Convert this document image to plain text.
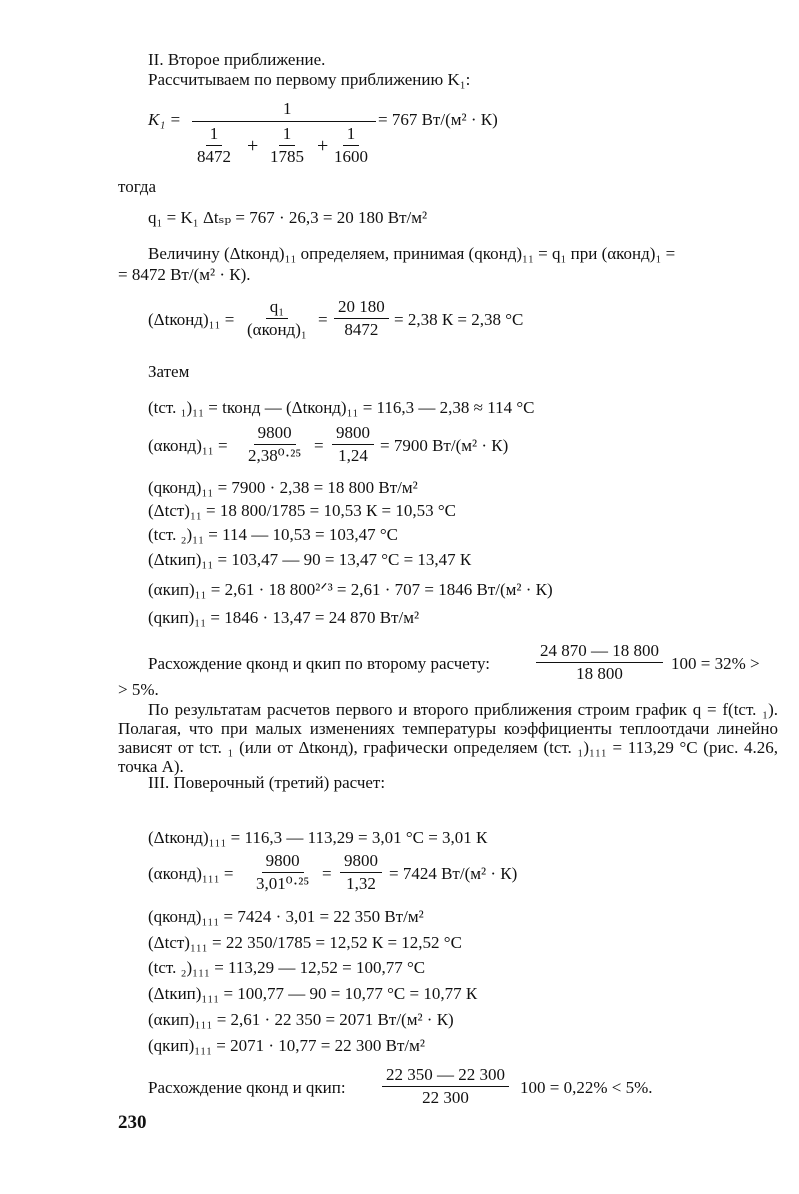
II. Второе приближение.
Рассчитываем по первому приближению K₁:
K₁ =
1
$\frac{1}{8472} + \frac{1}{1785} + \frac{1}{1600}$
= 767 Вт/(м² · К)
тогда
q₁ = K₁ Δtₛₚ = 767 · 26,3 = 20 180 Вт/м²
Величину (Δtконд)₁₁ определяем, принимая (qконд)₁₁ = q₁ при (αконд)₁ =
= 8472 Вт/(м² · К).
(Δtконд)₁₁ =
q₁
(αконд)₁
= $\frac{20 180}{8472} = 2,38$ К = 2,38 °С
Затем
(tст. ₁)₁₁ = tконд — (Δtконд)₁₁ = 116,3 — 2,38 ≈ 114 °С
(αконд)₁₁ = $\frac{9800}{\text{2,38⁰·²⁵}} = \frac{9800}{1,24} = 7900$ Вт/(м² · К)
(qконд)₁₁ = 7900 · 2,38 = 18 800 Вт/м²
(Δtст)₁₁ = 18 800/1785 = 10,53 К = 10,53 °С
(tст. ₂)₁₁ = 114 — 10,53 = 103,47 °С
(Δtкип)₁₁ = 103,47 — 90 = 13,47 °С = 13,47 К
(αкип)₁₁ = 2,61 · 18 800²ᐟ³ = 2,61 · 707 = 1846 Вт/(м² · К)
(qкип)₁₁ = 1846 · 13,47 = 24 870 Вт/м²
Расхождение qконд и qкип по второму расчету:	$\frac{24 870 — 18 800}{18 800} 100 = 32\%$ >
> 5%.
По результатам расчетов первого и второго приближения строим график q = f(tст. ₁). Полагая, что при малых изменениях температуры коэффициенты теплоотдачи линейно зависят от tст. ₁ (или от Δtконд), графически определяем (tст. ₁)₁₁₁ = 113,29 °С (рис. 4.26, точка A).
III. Поверочный (третий) расчет:
(Δtконд)₁₁₁ = 116,3 — 113,29 = 3,01 °С = 3,01 К
(αконд)₁₁₁ = $\frac{9800}{\text{3,01⁰·²⁵}} = \frac{9800}{1,32} = 7424$ Вт/(м² · К)
(qконд)₁₁₁ = 7424 · 3,01 = 22 350 Вт/м²
(Δtст)₁₁₁ = 22 350/1785 = 12,52 К = 12,52 °С
(tст. ₂)₁₁₁ = 113,29 — 12,52 = 100,77 °С
(Δtкип)₁₁₁ = 100,77 — 90 = 10,77 °С = 10,77 К
(αкип)₁₁₁ = 2,61 · 22 350 = 2071 Вт/(м² · К)
(qкип)₁₁₁ = 2071 · 10,77 = 22 300 Вт/м²
Расхождение qконд и qкип: $\frac{22 350 — 22 300}{22 300} 100 = 0,22\% < 5\%$.
230
